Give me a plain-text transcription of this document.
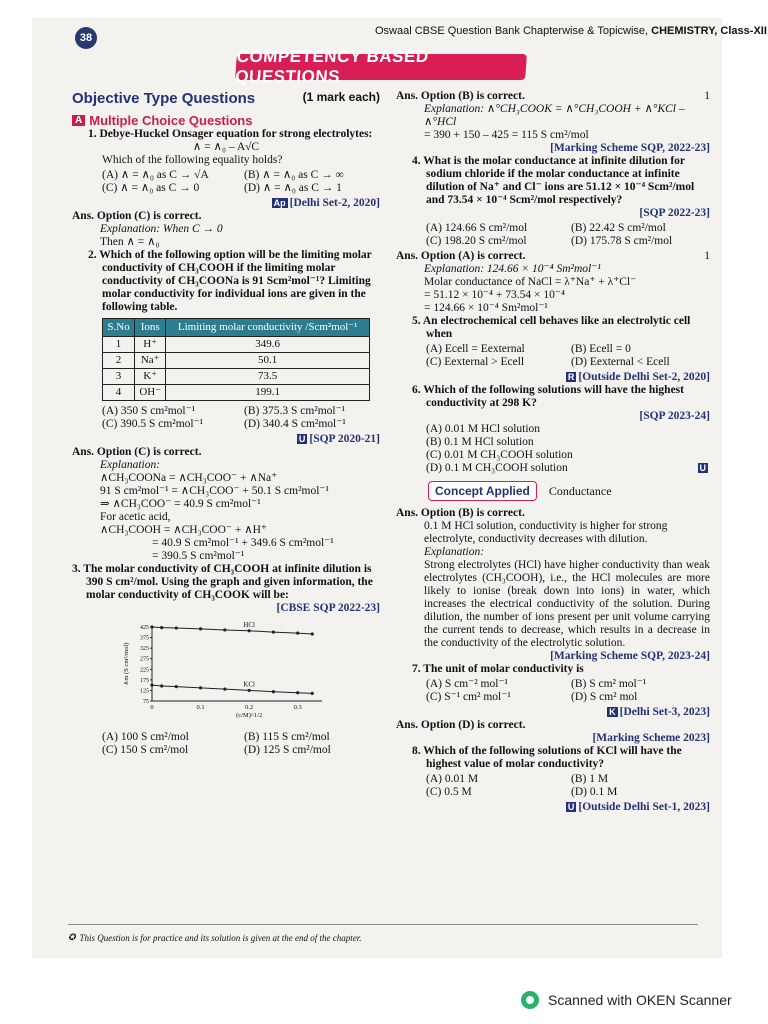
38
Oswaal CBSE Question Bank Chapterwise & Topicwise, CHEMISTRY, Class-XII
COMPETENCY BASED QUESTIONS
Objective Type Questions	(1 mark each)
A Multiple Choice Questions

1. Debye-Huckel Onsager equation for strong electrolytes:

∧ = ∧₀ – A√C

Which of the following equality holds?

(A) ∧ = ∧₀ as C → √A	(B) ∧ = ∧₀ as C → ∞
(C) ∧ = ∧₀ as C → 0	(D) ∧ = ∧₀ as C → 1

Ap [Delhi Set-2, 2020]

Ans. Option (C) is correct.

Explanation: When C → 0

Then ∧ = ∧₀

2. Which of the following option will be the limiting molar conductivity of CH₃COOH if the limiting molar conductivity of CH₃COONa is 91 Scm²mol⁻¹? Limiting molar conductivity for individual ions are given in the following table.

S.No	Ions	Limiting molar conductivity /Scm²mol⁻¹
1	H⁺	349.6
2	Na⁺	50.1
3	K⁺	73.5
4	OH⁻	199.1
(A) 350 S cm²mol⁻¹	(B) 375.3 S cm²mol⁻¹
(C) 390.5 S cm²mol⁻¹	(D) 340.4 S cm²mol⁻¹

U [SQP 2020-21]

Ans. Option (C) is correct.

Explanation:

∧CH₃COONa = ∧CH₃COO⁻ + ∧Na⁺

91 S cm²mol⁻¹ = ∧CH₃COO⁻ + 50.1 S cm²mol⁻¹

⇒ ∧CH₃COO⁻ = 40.9 S cm²mol⁻¹

For acetic acid,

∧CH₃COOH = ∧CH₃COO⁻ + ∧H⁺

= 40.9 S cm²mol⁻¹ + 349.6 S cm²mol⁻¹

= 390.5 S cm²mol⁻¹

3. The molar conductivity of CH₃COOH at infinite dilution is 390 S cm²/mol. Using the graph and given information, the molar conductivity of CH₃COOK will be:

[CBSE SQP 2022-23]

425
375
325
275
225
175
125
75
0	0.1	0.2	0.3
(c/M)^1/2
∧m (S cm²/mol)
HCl
KCl
(A) 100 S cm²/mol	(B) 115 S cm²/mol
(C) 150 S cm²/mol	(D) 125 S cm²/mol

Ans. Option (B) is correct.	1

Explanation: ∧°CH₃COOK = ∧°CH₃COOH + ∧°KCl – ∧°HCl

= 390 + 150 – 425 = 115 S cm²/mol

[Marking Scheme SQP, 2022-23]

4. What is the molar conductance at infinite dilution for sodium chloride if the molar conductance at infinite dilution of Na⁺ and Cl⁻ ions are 51.12 × 10⁻⁴ Scm²/mol and 73.54 × 10⁻⁴ Scm²/mol respectively?

[SQP 2022-23]

(A) 124.66 S cm²/mol	(B) 22.42 S cm²/mol
(C) 198.20 S cm²/mol	(D) 175.78 S cm²/mol

Ans. Option (A) is correct.	1

Explanation: 124.66 × 10⁻⁴ Sm²mol⁻¹

Molar conductance of NaCl = λ⁺Na⁺ + λ⁺Cl⁻

= 51.12 × 10⁻⁴ + 73.54 × 10⁻⁴

= 124.66 × 10⁻⁴ Sm²mol⁻¹

5. An electrochemical cell behaves like an electrolytic cell when

(A) Ecell = Eexternal	(B) Ecell = 0
(C) Eexternal > Ecell	(D) Eexternal < Ecell

R [Outside Delhi Set-2, 2020]

6. Which of the following solutions will have the highest conductivity at 298 K?

[SQP 2023-24]

(A) 0.01 M HCl solution

(B) 0.1 M HCl solution

(C) 0.01 M CH₃COOH solution

(D) 0.1 M CH₃COOH solution	U

Concept Applied	Conductance

Ans. Option (B) is correct.

0.1 M HCl solution, conductivity is higher for strong electrolyte, conductivity decreases with dilution.

Explanation:

Strong electrolytes (HCl) have higher conductivity than weak electrolytes (CH₃COOH), i.e., the HCl molecules are more likely to ionise (break down into ions) in water, which increases the electrical conductivity of the solution. During dilution, the number of ions present per unit volume carrying the current tends to decrease, which results in a decrease in the conductivity of the electrolytic solution.

[Marking Scheme SQP, 2023-24]

7. The unit of molar conductivity is

(A) S cm⁻² mol⁻¹	(B) S cm² mol⁻¹
(C) S⁻¹ cm² mol⁻¹	(D) S cm² mol

K [Delhi Set-3, 2023]

Ans. Option (D) is correct.

[Marking Scheme 2023]

8. Which of the following solutions of KCl will have the highest value of molar conductivity?

(A) 0.01 M	(B) 1 M
(C) 0.5 M	(D) 0.1 M

U [Outside Delhi Set-1, 2023]

✪ This Question is for practice and its solution is given at the end of the chapter.
Scanned with OKEN Scanner
